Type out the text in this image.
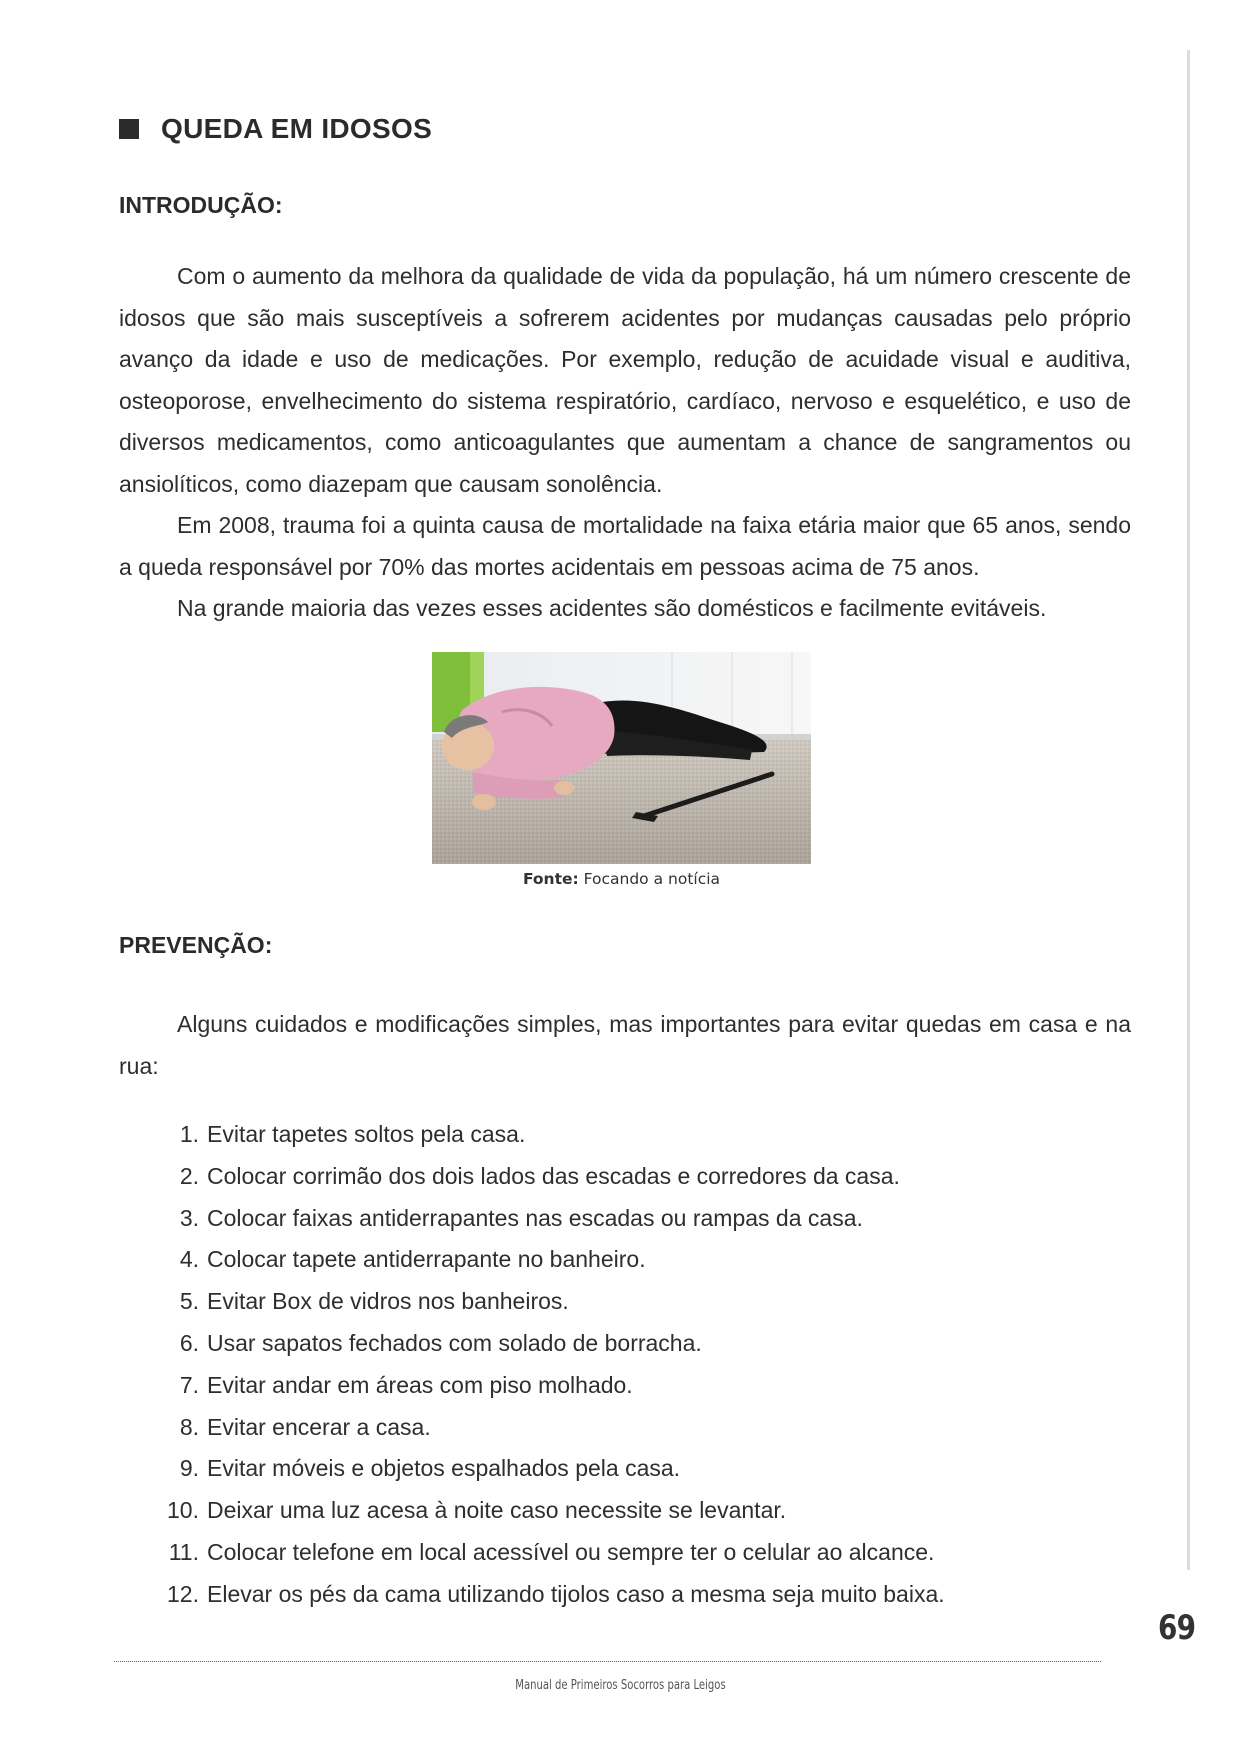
QUEDA EM IDOSOS
INTRODUÇÃO:

Com o aumento da melhora da qualidade de vida da população, há um número crescente de idosos que são mais susceptíveis a sofrerem acidentes por mudanças causadas pelo próprio avanço da idade e uso de medicações. Por exemplo, redução de acuidade visual e auditiva, osteoporose, envelhecimento do sistema respiratório, cardíaco, nervoso e esquelético, e uso de diversos medicamentos, como anticoagulantes que aumentam a chance de sangramentos ou ansiolíticos, como diazepam que causam sonolência.

Em 2008, trauma foi a quinta causa de mortalidade na faixa etária maior que 65 anos, sendo a queda responsável por 70% das mortes acidentais em pessoas acima de 75 anos.

Na grande maioria das vezes esses acidentes são domésticos e facilmente evitáveis.

Fonte: Focando a notícia
PREVENÇÃO:

Alguns cuidados e modificações simples, mas importantes para evitar quedas em casa e na rua:

1. Evitar tapetes soltos pela casa.
2. Colocar corrimão dos dois lados das escadas e corredores da casa.
3. Colocar faixas antiderrapantes nas escadas ou rampas da casa.
4. Colocar tapete antiderrapante no banheiro.
5. Evitar Box de vidros nos banheiros.
6. Usar sapatos fechados com solado de borracha.
7. Evitar andar em áreas com piso molhado.
8. Evitar encerar a casa.
9. Evitar móveis e objetos espalhados pela casa.
10. Deixar uma luz acesa à noite caso necessite se levantar.
11. Colocar telefone em local acessível ou sempre ter o celular ao alcance.
12. Elevar os pés da cama utilizando tijolos caso a mesma seja muito baixa.
69
Manual de Primeiros Socorros para Leigos
